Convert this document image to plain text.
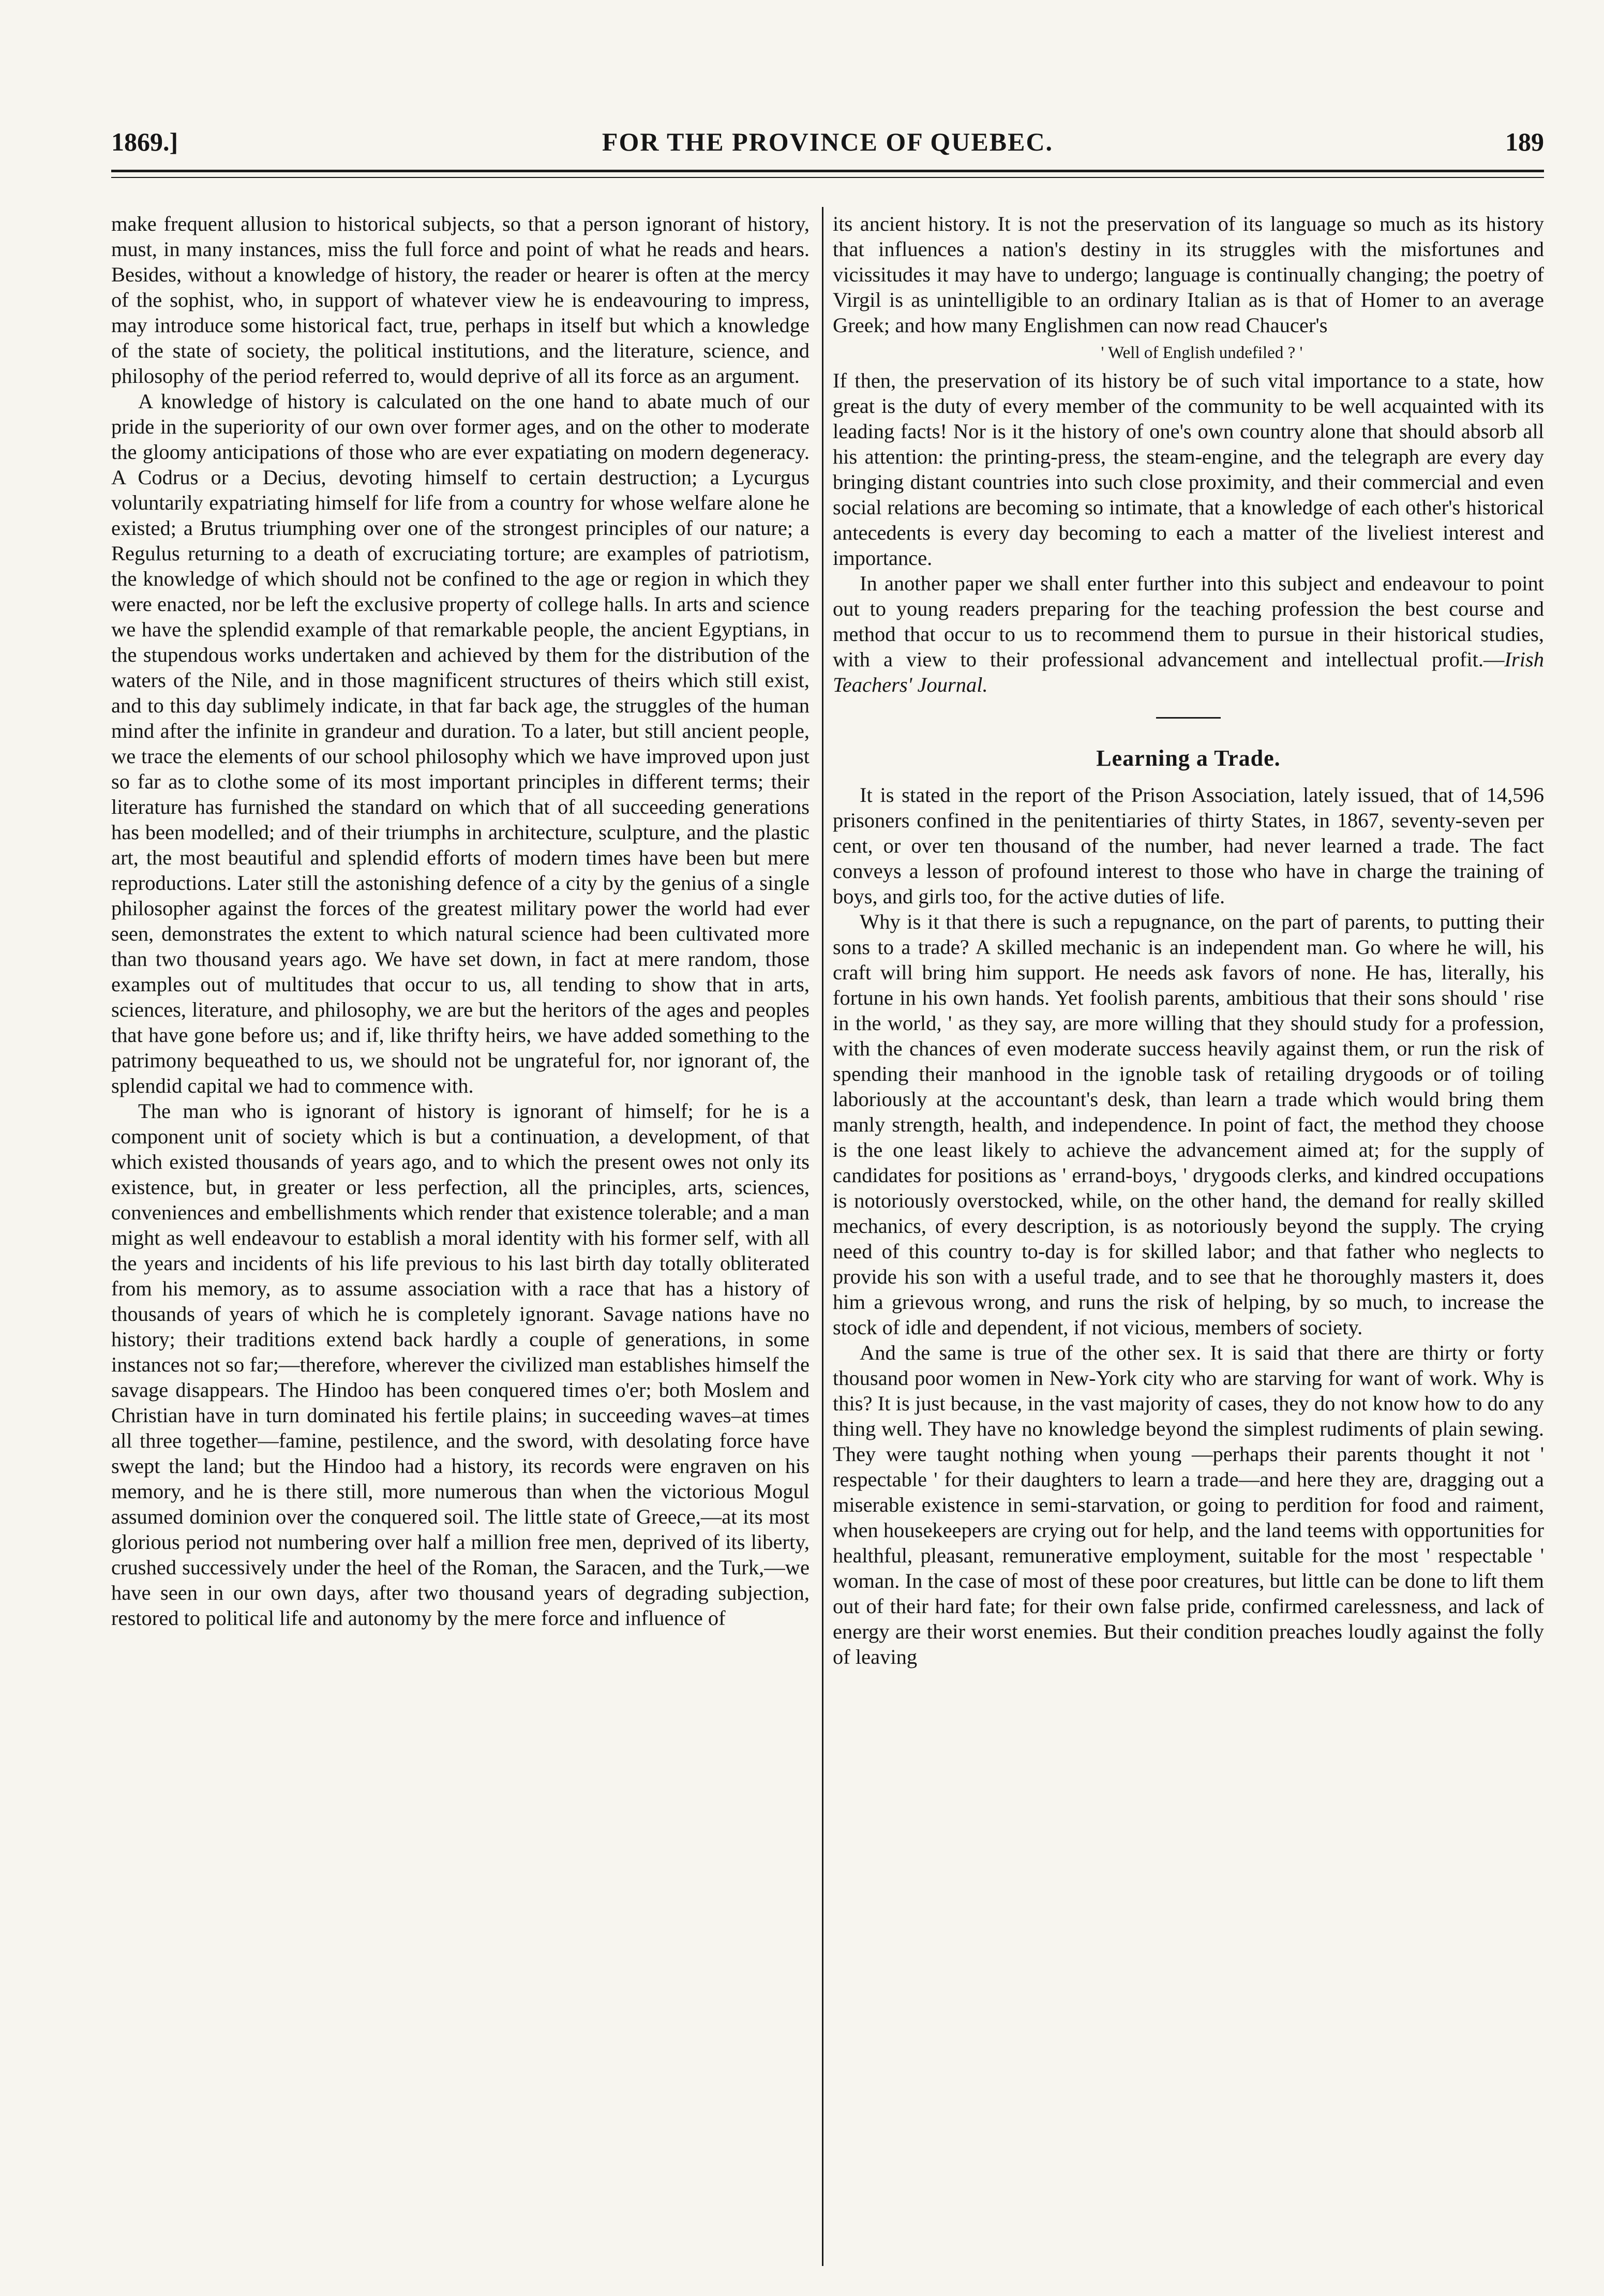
1869.]	FOR THE PROVINCE OF QUEBEC.	189

make frequent allusion to historical subjects, so that a person ignorant of history, must, in many instances, miss the full force and point of what he reads and hears. Besides, without a knowledge of history, the reader or hearer is often at the mercy of the sophist, who, in support of whatever view he is endeavouring to impress, may introduce some historical fact, true, perhaps in itself but which a knowledge of the state of society, the political institutions, and the literature, science, and philosophy of the period referred to, would deprive of all its force as an argument.

A knowledge of history is calculated on the one hand to abate much of our pride in the superiority of our own over former ages, and on the other to moderate the gloomy anticipations of those who are ever expatiating on modern degeneracy. A Codrus or a Decius, devoting himself to certain destruction; a Lycurgus voluntarily expatriating himself for life from a country for whose welfare alone he existed; a Brutus triumphing over one of the strongest principles of our nature; a Regulus returning to a death of excruciating torture; are examples of patriotism, the knowledge of which should not be confined to the age or region in which they were enacted, nor be left the exclusive property of college halls. In arts and science we have the splendid example of that remarkable people, the ancient Egyptians, in the stupendous works undertaken and achieved by them for the distribution of the waters of the Nile, and in those magnificent structures of theirs which still exist, and to this day sublimely indicate, in that far back age, the struggles of the human mind after the infinite in grandeur and duration. To a later, but still ancient people, we trace the elements of our school philosophy which we have improved upon just so far as to clothe some of its most important principles in different terms; their literature has furnished the standard on which that of all succeeding generations has been modelled; and of their triumphs in architecture, sculpture, and the plastic art, the most beautiful and splendid efforts of modern times have been but mere reproductions. Later still the astonishing defence of a city by the genius of a single philosopher against the forces of the greatest military power the world had ever seen, demonstrates the extent to which natural science had been cultivated more than two thousand years ago. We have set down, in fact at mere random, those examples out of multitudes that occur to us, all tending to show that in arts, sciences, literature, and philosophy, we are but the heritors of the ages and peoples that have gone before us; and if, like thrifty heirs, we have added something to the patrimony bequeathed to us, we should not be ungrateful for, nor ignorant of, the splendid capital we had to commence with.

The man who is ignorant of history is ignorant of himself; for he is a component unit of society which is but a continuation, a development, of that which existed thousands of years ago, and to which the present owes not only its existence, but, in greater or less perfection, all the principles, arts, sciences, conveniences and embellishments which render that existence tolerable; and a man might as well endeavour to establish a moral identity with his former self, with all the years and incidents of his life previous to his last birth day totally obliterated from his memory, as to assume association with a race that has a history of thousands of years of which he is completely ignorant. Savage nations have no history; their traditions extend back hardly a couple of generations, in some instances not so far;—therefore, wherever the civilized man establishes himself the savage disappears. The Hindoo has been conquered times o'er; both Moslem and Christian have in turn dominated his fertile plains; in succeeding waves–at times all three together—famine, pestilence, and the sword, with desolating force have swept the land; but the Hindoo had a history, its records were engraven on his memory, and he is there still, more numerous than when the victorious Mogul assumed dominion over the conquered soil. The little state of Greece,—at its most glorious period not numbering over half a million free men, deprived of its liberty, crushed successively under the heel of the Roman, the Saracen, and the Turk,—we have seen in our own days, after two thousand years of degrading subjection, restored to political life and autonomy by the mere force and influence of

its ancient history. It is not the preservation of its language so much as its history that influences a nation's destiny in its struggles with the misfortunes and vicissitudes it may have to undergo; language is continually changing; the poetry of Virgil is as unintelligible to an ordinary Italian as is that of Homer to an average Greek; and how many Englishmen can now read Chaucer's

' Well of English undefiled ? '

If then, the preservation of its history be of such vital importance to a state, how great is the duty of every member of the community to be well acquainted with its leading facts! Nor is it the history of one's own country alone that should absorb all his attention: the printing-press, the steam-engine, and the telegraph are every day bringing distant countries into such close proximity, and their commercial and even social relations are becoming so intimate, that a knowledge of each other's historical antecedents is every day becoming to each a matter of the liveliest interest and importance.

In another paper we shall enter further into this subject and endeavour to point out to young readers preparing for the teaching profession the best course and method that occur to us to recommend them to pursue in their historical studies, with a view to their professional advancement and intellectual profit.—Irish Teachers' Journal.

Learning a Trade.

It is stated in the report of the Prison Association, lately issued, that of 14,596 prisoners confined in the penitentiaries of thirty States, in 1867, seventy-seven per cent, or over ten thousand of the number, had never learned a trade. The fact conveys a lesson of profound interest to those who have in charge the training of boys, and girls too, for the active duties of life.

Why is it that there is such a repugnance, on the part of parents, to putting their sons to a trade? A skilled mechanic is an independent man. Go where he will, his craft will bring him support. He needs ask favors of none. He has, literally, his fortune in his own hands. Yet foolish parents, ambitious that their sons should ' rise in the world, ' as they say, are more willing that they should study for a profession, with the chances of even moderate success heavily against them, or run the risk of spending their manhood in the ignoble task of retailing drygoods or of toiling laboriously at the accountant's desk, than learn a trade which would bring them manly strength, health, and independence. In point of fact, the method they choose is the one least likely to achieve the advancement aimed at; for the supply of candidates for positions as ' errand-boys, ' drygoods clerks, and kindred occupations is notoriously overstocked, while, on the other hand, the demand for really skilled mechanics, of every description, is as notoriously beyond the supply. The crying need of this country to-day is for skilled labor; and that father who neglects to provide his son with a useful trade, and to see that he thoroughly masters it, does him a grievous wrong, and runs the risk of helping, by so much, to increase the stock of idle and dependent, if not vicious, members of society.

And the same is true of the other sex. It is said that there are thirty or forty thousand poor women in New-York city who are starving for want of work. Why is this? It is just because, in the vast majority of cases, they do not know how to do any thing well. They have no knowledge beyond the simplest rudiments of plain sewing. They were taught nothing when young —perhaps their parents thought it not ' respectable ' for their daughters to learn a trade—and here they are, dragging out a miserable existence in semi-starvation, or going to perdition for food and raiment, when housekeepers are crying out for help, and the land teems with opportunities for healthful, pleasant, remunerative employment, suitable for the most ' respectable ' woman. In the case of most of these poor creatures, but little can be done to lift them out of their hard fate; for their own false pride, confirmed carelessness, and lack of energy are their worst enemies. But their condition preaches loudly against the folly of leaving
